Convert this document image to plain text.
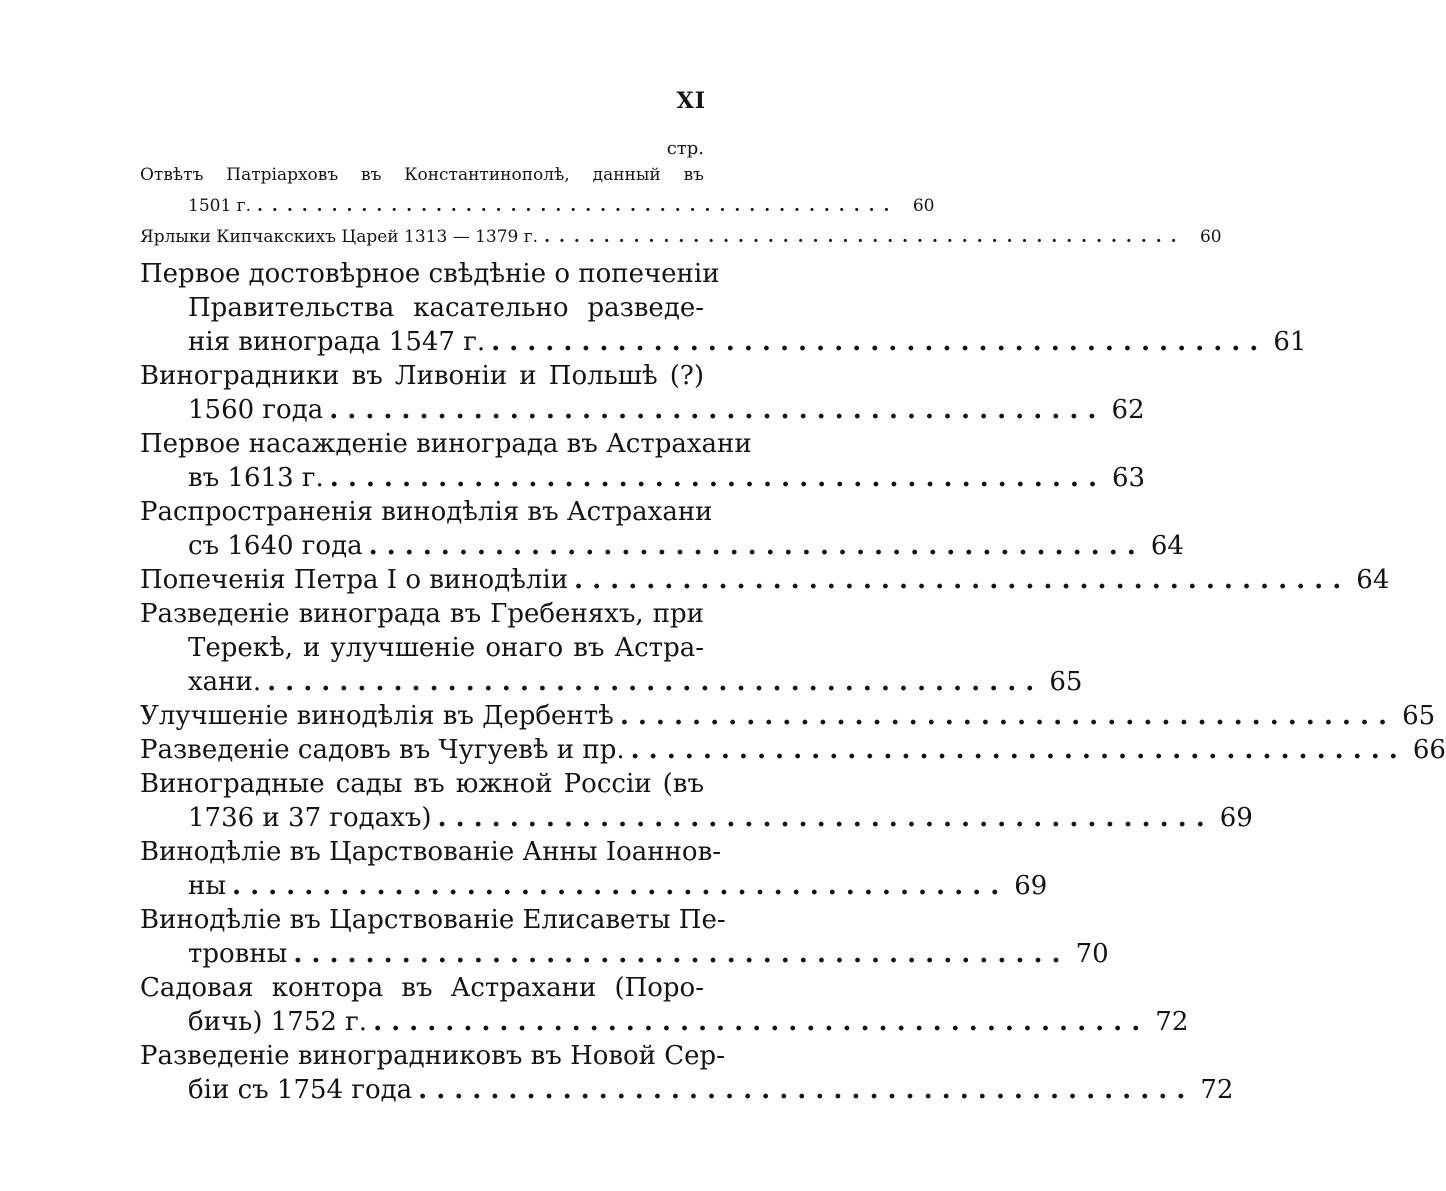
XI
стр.
Отвѣтъ Патріарховъ въ Константинополѣ, данный въ
1501 г. ........................................... 60
Ярлыки Кипчакскихъ Царей 1313 — 1379 г. ........................................... 60
Первое достовѣрное свѣдѣніе о попеченіи
Правительства касательно разведе-
нія винограда 1547 г. ........................................... 61
Виноградники въ Ливоніи и Польшѣ (?)
1560 года ........................................... 62
Первое насажденіе винограда въ Астрахани
въ 1613 г. ........................................... 63
Распространенія винодѣлія въ Астрахани
съ 1640 года ........................................... 64
Попеченія Петра I о винодѣліи ........................................... 64
Разведеніе винограда въ Гребеняхъ, при
Терекѣ, и улучшеніе онаго въ Астра-
хани. ........................................... 65
Улучшеніе винодѣлія въ Дербентѣ ........................................... 65
Разведеніе садовъ въ Чугуевѣ и пр. ........................................... 66
Виноградные сады въ южной Россіи (въ
1736 и 37 годахъ) ........................................... 69
Винодѣліе въ Царствованіе Анны Іоаннов-
ны ........................................... 69
Винодѣліе въ Царствованіе Елисаветы Пе-
тровны ........................................... 70
Садовая контора въ Астрахани (Поро-
бичь) 1752 г. ........................................... 72
Разведеніе виноградниковъ въ Новой Сер-
біи съ 1754 года ........................................... 72
